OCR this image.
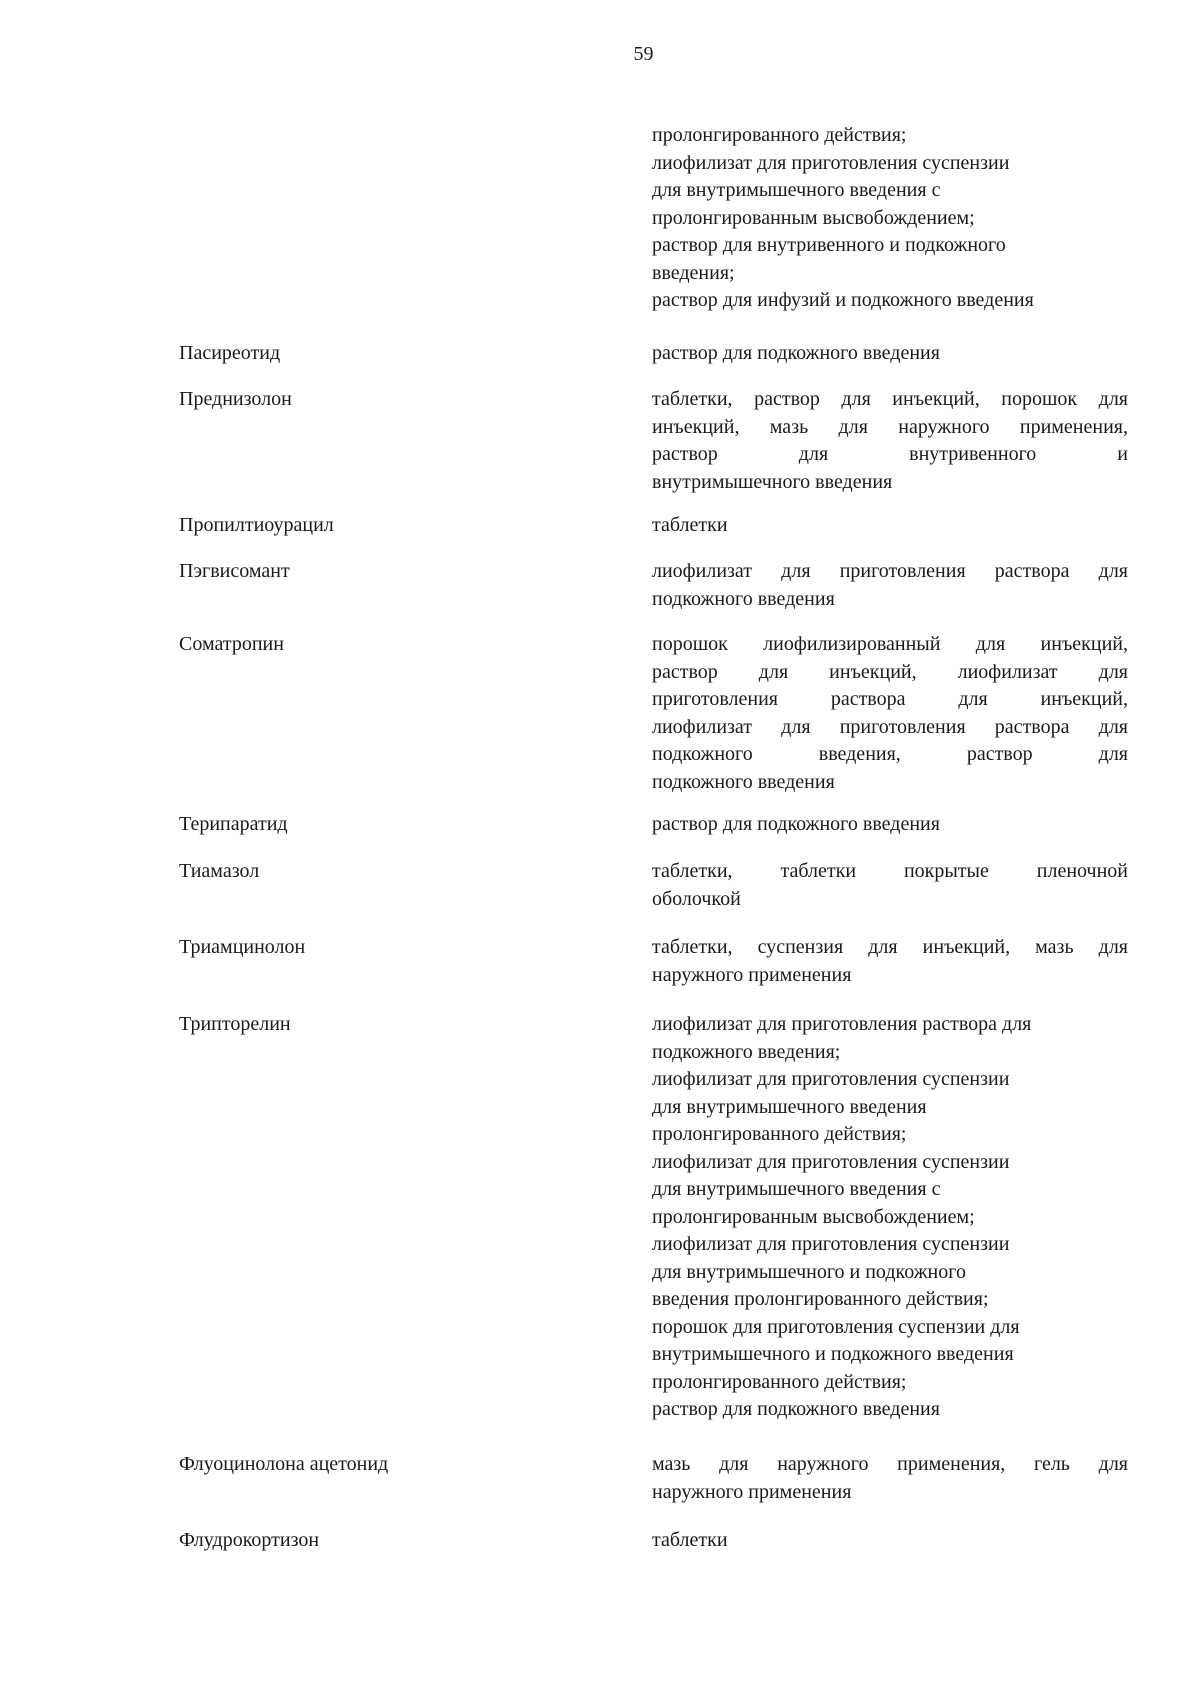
59
пролонгированного действия;
лиофилизат для приготовления суспензии
для внутримышечного введения с
пролонгированным высвобождением;
раствор для внутривенного и подкожного
введения;
раствор для инфузий и подкожного введения
Пасиреотид	раствор для подкожного введения
Преднизолон	таблетки, раствор для инъекций, порошок для
инъекций, мазь для наружного применения,
раствор для внутривенного и
внутримышечного введения
Пропилтиоурацил	таблетки
Пэгвисомант	лиофилизат для приготовления раствора для
подкожного введения
Соматропин	порошок лиофилизированный для инъекций,
раствор для инъекций, лиофилизат для
приготовления раствора для инъекций,
лиофилизат для приготовления раствора для
подкожного введения, раствор для
подкожного введения
Терипаратид	раствор для подкожного введения
Тиамазол	таблетки, таблетки покрытые пленочной
оболочкой
Триамцинолон	таблетки, суспензия для инъекций, мазь для
наружного применения
Трипторелин	лиофилизат для приготовления раствора для
подкожного введения;
лиофилизат для приготовления суспензии
для внутримышечного введения
пролонгированного действия;
лиофилизат для приготовления суспензии
для внутримышечного введения с
пролонгированным высвобождением;
лиофилизат для приготовления суспензии
для внутримышечного и подкожного
введения пролонгированного действия;
порошок для приготовления суспензии для
внутримышечного и подкожного введения
пролонгированного действия;
раствор для подкожного введения
Флуоцинолона ацетонид	мазь для наружного применения, гель для
наружного применения
Флудрокортизон	таблетки
